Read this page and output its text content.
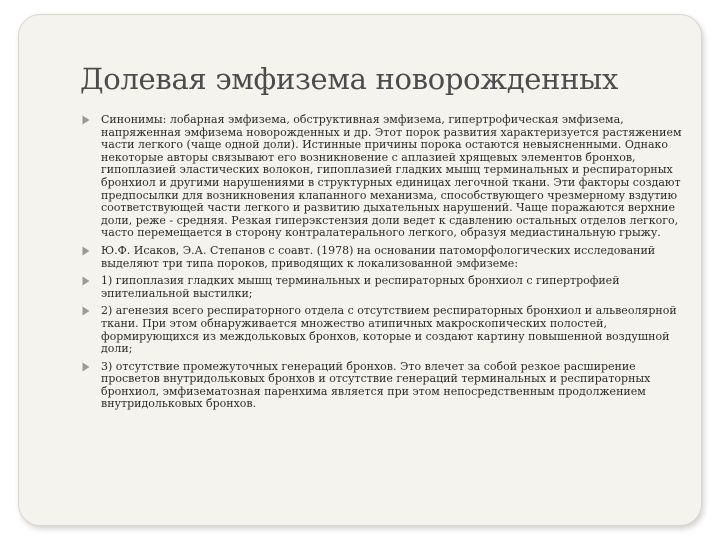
Долевая эмфизема новорожденных
Синонимы: лобарная эмфизема, обструктивная эмфизема, гипертрофическая эмфизема, напряженная эмфизема новорожденных и др. Этот порок развития характеризуется растяжением части легкого (чаще одной доли). Истинные причины порока остаются невыясненными. Однако некоторые авторы связывают его возникновение с аплазией хрящевых элементов бронхов, гипоплазией эластических волокон, гипоплазией гладких мышц терминальных и респираторных бронхиол и другими нарушениями в структурных единицах легочной ткани. Эти факторы создают предпосылки для возникновения клапанного механизма, способствующего чрезмерному вздутию соответствующей части легкого и развитию дыхательных нарушений. Чаще поражаются верхние доли, реже - средняя. Резкая гиперэкстензия доли ведет к сдавлению остальных отделов легкого, часто перемещается в сторону контралатерального легкого, образуя медиастинальную грыжу.
Ю.Ф. Исаков, Э.А. Степанов с соавт. (1978) на основании патоморфологических исследований выделяют три типа пороков, приводящих к локализованной эмфиземе:
1) гипоплазия гладких мышц терминальных и респираторных бронхиол с гипертрофией эпителиальной выстилки;
2) агенезия всего респираторного отдела с отсутствием респираторных бронхиол и альвеолярной ткани. При этом обнаруживается множество атипичных макроскопических полостей, формирующихся из междольковых бронхов, которые и создают картину повышенной воздушной доли;
3) отсутствие промежуточных генераций бронхов. Это влечет за собой резкое расширение просветов внутридольковых бронхов и отсутствие генераций терминальных и респираторных бронхиол, эмфизематозная паренхима является при этом непосредственным продолжением внутридольковых бронхов.
